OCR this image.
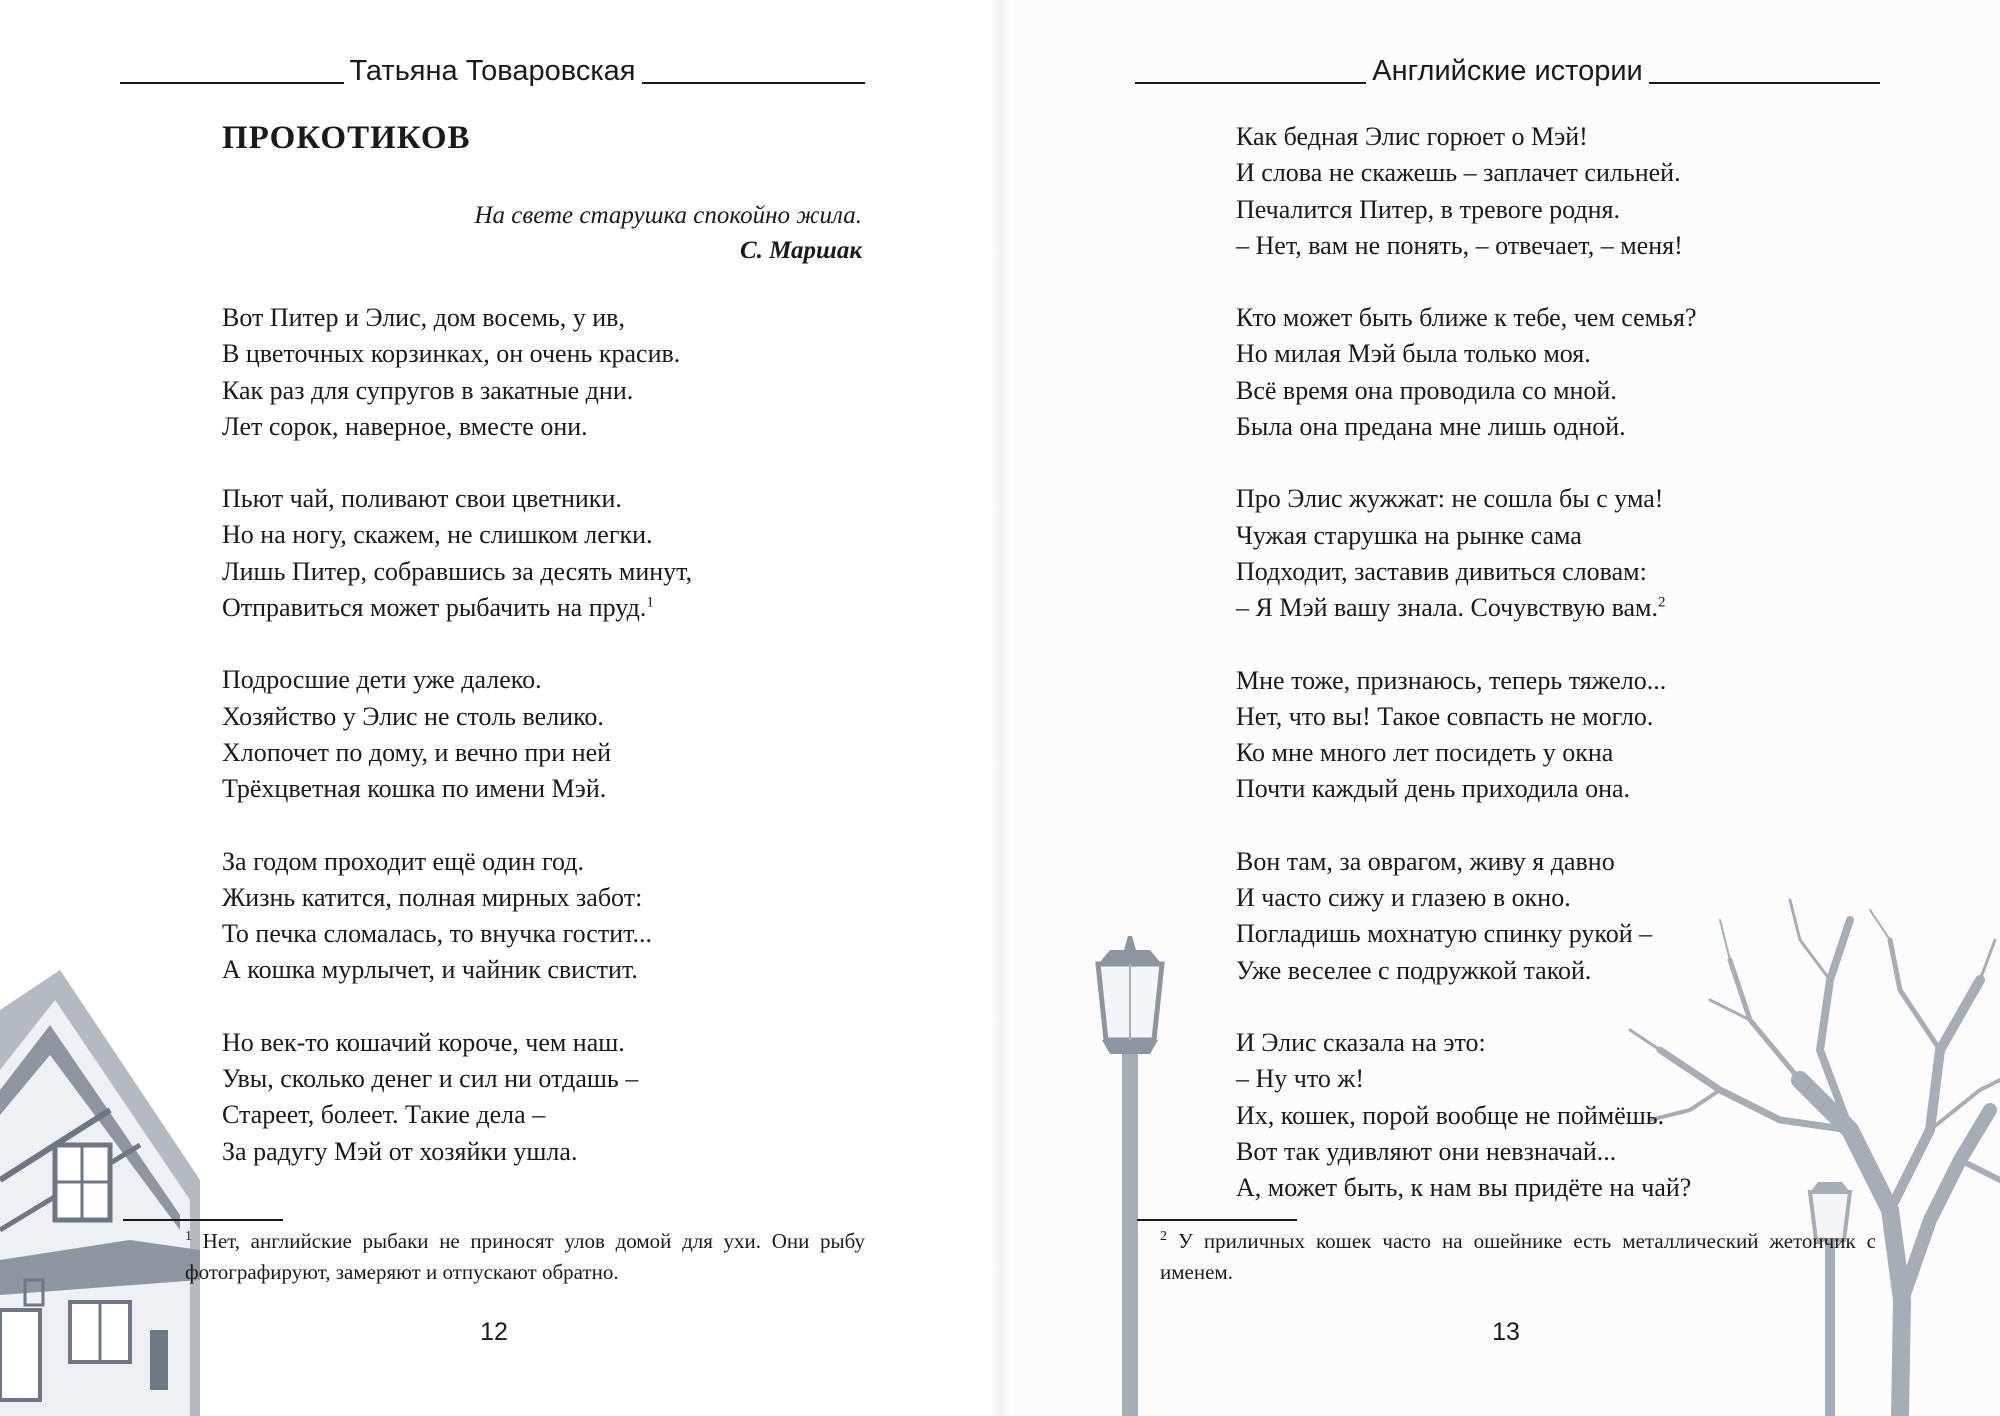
Татьяна Товаровская
ПРОКОТИКОВ
На свете старушка спокойно жила.
С. Маршак
Вот Питер и Элис, дом восемь, у ив,
В цветочных корзинках, он очень красив.
Как раз для супругов в закатные дни.
Лет сорок, наверное, вместе они.
Пьют чай, поливают свои цветники.
Но на ногу, скажем, не слишком легки.
Лишь Питер, собравшись за десять минут,
Отправиться может рыбачить на пруд.$^1$
Подросшие дети уже далеко.
Хозяйство у Элис не столь велико.
Хлопочет по дому, и вечно при ней
Трёхцветная кошка по имени Мэй.
За годом проходит ещё один год.
Жизнь катится, полная мирных забот:
То печка сломалась, то внучка гостит...
А кошка мурлычет, и чайник свистит.
Но век-то кошачий короче, чем наш.
Увы, сколько денег и сил ни отдашь –
Стареет, болеет. Такие дела –
За радугу Мэй от хозяйки ушла.
$^1$ Нет, английские рыбаки не приносят улов домой для ухи. Они рыбу фотографируют, замеряют и отпускают обратно.
12
Английские истории
Как бедная Элис горюет о Мэй!
И слова не скажешь – заплачет сильней.
Печалится Питер, в тревоге родня.
– Нет, вам не понять, – отвечает, – меня!
Кто может быть ближе к тебе, чем семья?
Но милая Мэй была только моя.
Всё время она проводила со мной.
Была она предана мне лишь одной.
Про Элис жужжат: не сошла бы с ума!
Чужая старушка на рынке сама
Подходит, заставив дивиться словам:
– Я Мэй вашу знала. Сочувствую вам.$^2$
Мне тоже, признаюсь, теперь тяжело...
Нет, что вы! Такое совпасть не могло.
Ко мне много лет посидеть у окна
Почти каждый день приходила она.
Вон там, за оврагом, живу я давно
И часто сижу и глазею в окно.
Погладишь мохнатую спинку рукой –
Уже веселее с подружкой такой.
И Элис сказала на это:
– Ну что ж!
Их, кошек, порой вообще не поймёшь.
Вот так удивляют они невзначай...
А, может быть, к нам вы придёте на чай?
$^2$ У приличных кошек часто на ошейнике есть металлический жетончик с именем.
13
